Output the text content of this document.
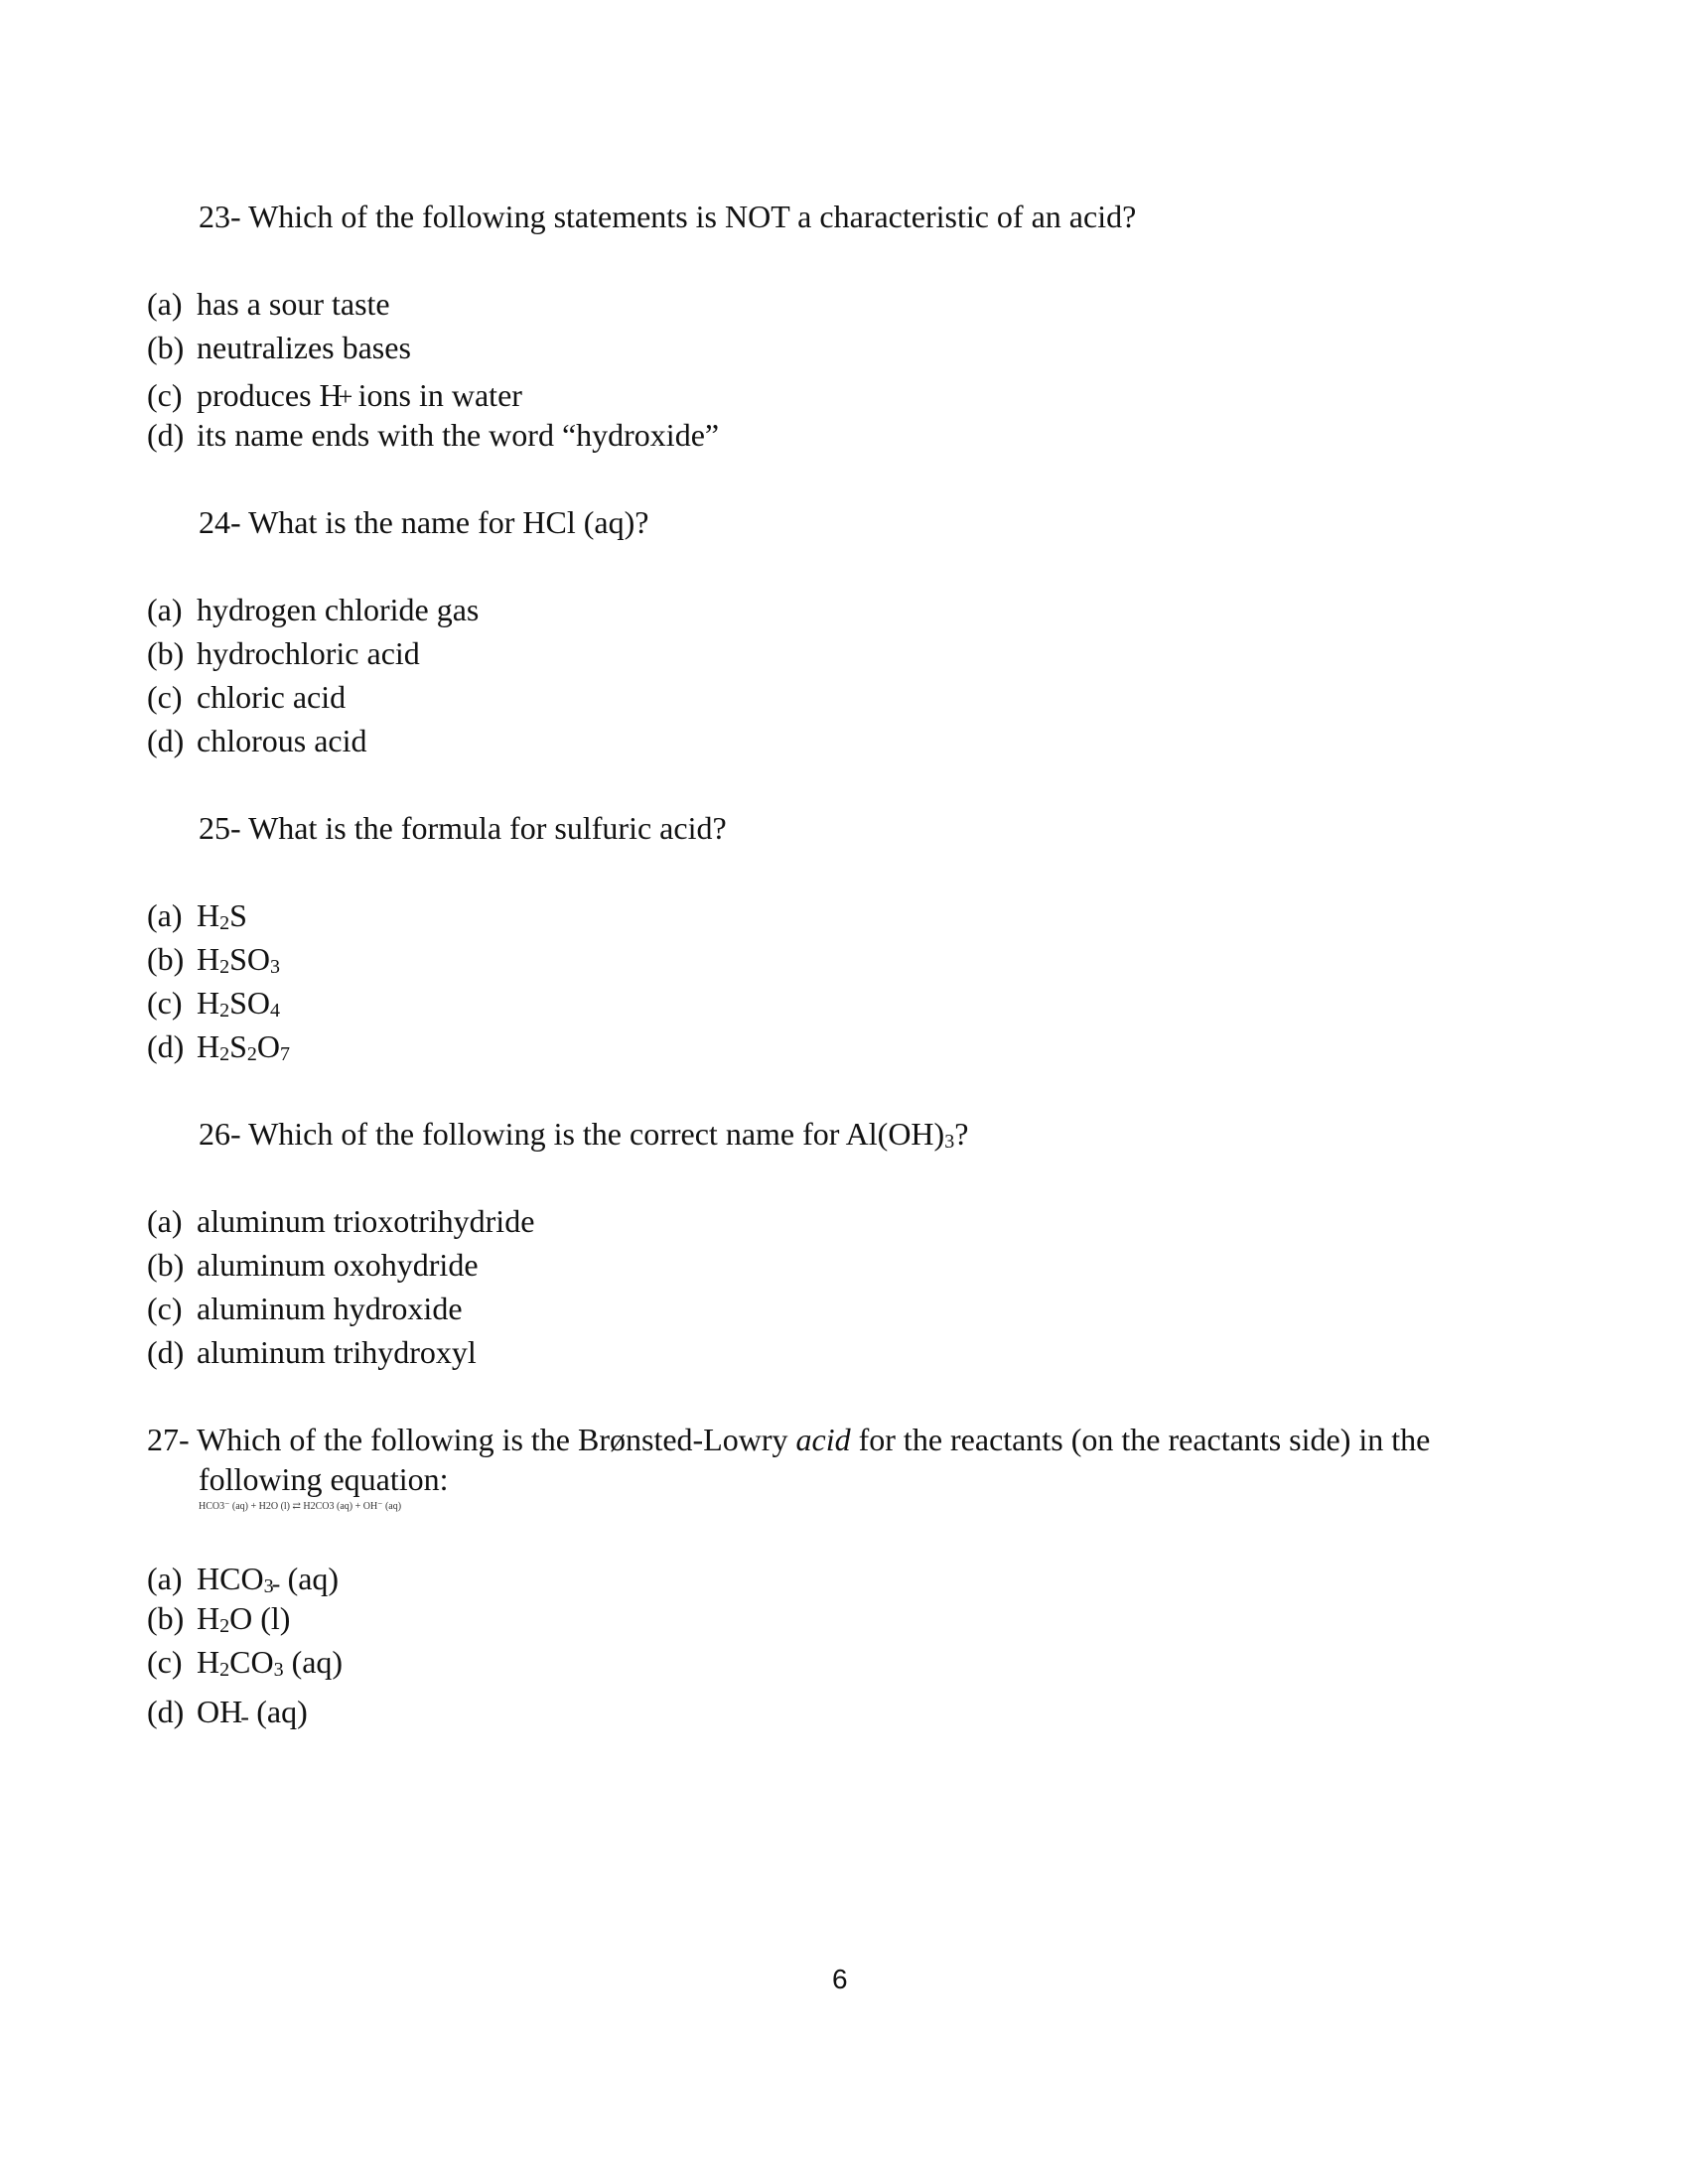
23- Which of the following statements is NOT a characteristic of an acid?
(a) has a sour taste
(b) neutralizes bases
(c) produces H
+
ions in water
(d) its name ends with the word “hydroxide”
24- What is the name for HCl (aq)?
(a) hydrogen chloride gas
(b) hydrochloric acid
(c) chloric acid
(d) chlorous acid
25- What is the formula for sulfuric acid?
(a) $H_2S$
(b) $H_2SO_3$
(c) $H_2SO_4$
(d) $H_2S_2O_7$
26- Which of the following is the correct name for $Al(OH)_3$?
(a) aluminum trioxotrihydride
(b) aluminum oxohydride
(c) aluminum hydroxide
(d) aluminum trihydroxyl
27- Which of the following is the Brønsted-Lowry acid for the reactants (on the reactants side) in the
following equation:
HCO3⁻ (aq) + H2O (l) ⇄ H2CO3 (aq) + OH⁻ (aq)
(a) $HCO_3$
- (aq)
(b) $H_2O$ (l)
(c) $H_2CO_3$ (aq)
(d) OH
- (aq)
6
